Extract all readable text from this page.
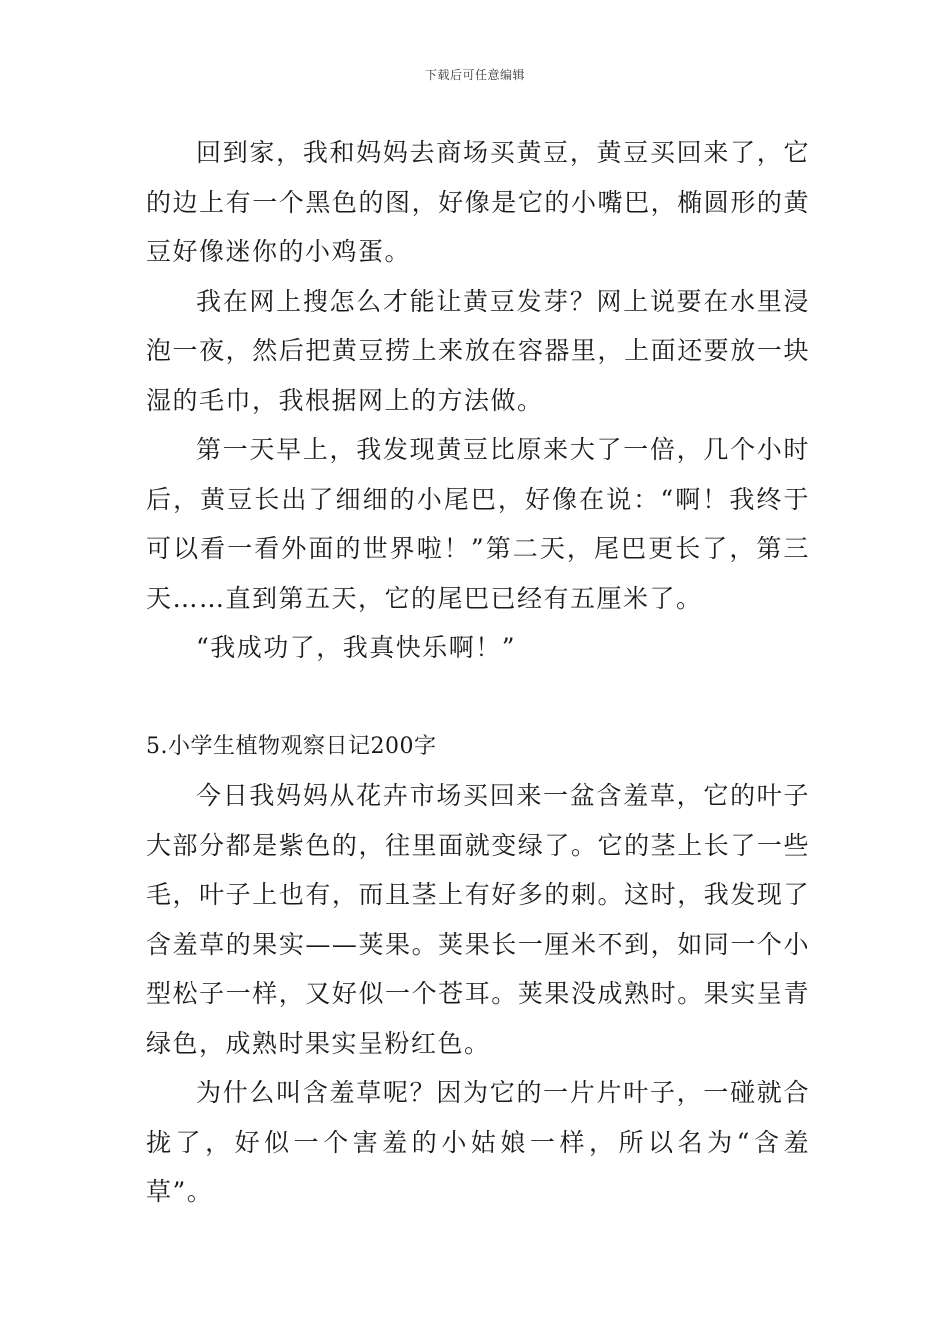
下载后可任意编辑

回到家，我和妈妈去商场买黄豆，黄豆买回来了，它的边上有一个黑色的图，好像是它的小嘴巴，椭圆形的黄豆好像迷你的小鸡蛋。

我在网上搜怎么才能让黄豆发芽？网上说要在水里浸泡一夜，然后把黄豆捞上来放在容器里，上面还要放一块湿的毛巾，我根据网上的方法做。

第一天早上，我发现黄豆比原来大了一倍，几个小时后，黄豆长出了细细的小尾巴，好像在说：“啊！我终于可以看一看外面的世界啦！”第二天，尾巴更长了，第三天……直到第五天，它的尾巴已经有五厘米了。

“我成功了，我真快乐啊！”

5.小学生植物观察日记200字

今日我妈妈从花卉市场买回来一盆含羞草，它的叶子大部分都是紫色的，往里面就变绿了。它的茎上长了一些毛，叶子上也有，而且茎上有好多的刺。这时，我发现了含羞草的果实——荚果。荚果长一厘米不到，如同一个小型松子一样，又好似一个苍耳。荚果没成熟时。果实呈青绿色，成熟时果实呈粉红色。

为什么叫含羞草呢？因为它的一片片叶子，一碰就合拢了，好似一个害羞的小姑娘一样，所以名为“含羞草”。
